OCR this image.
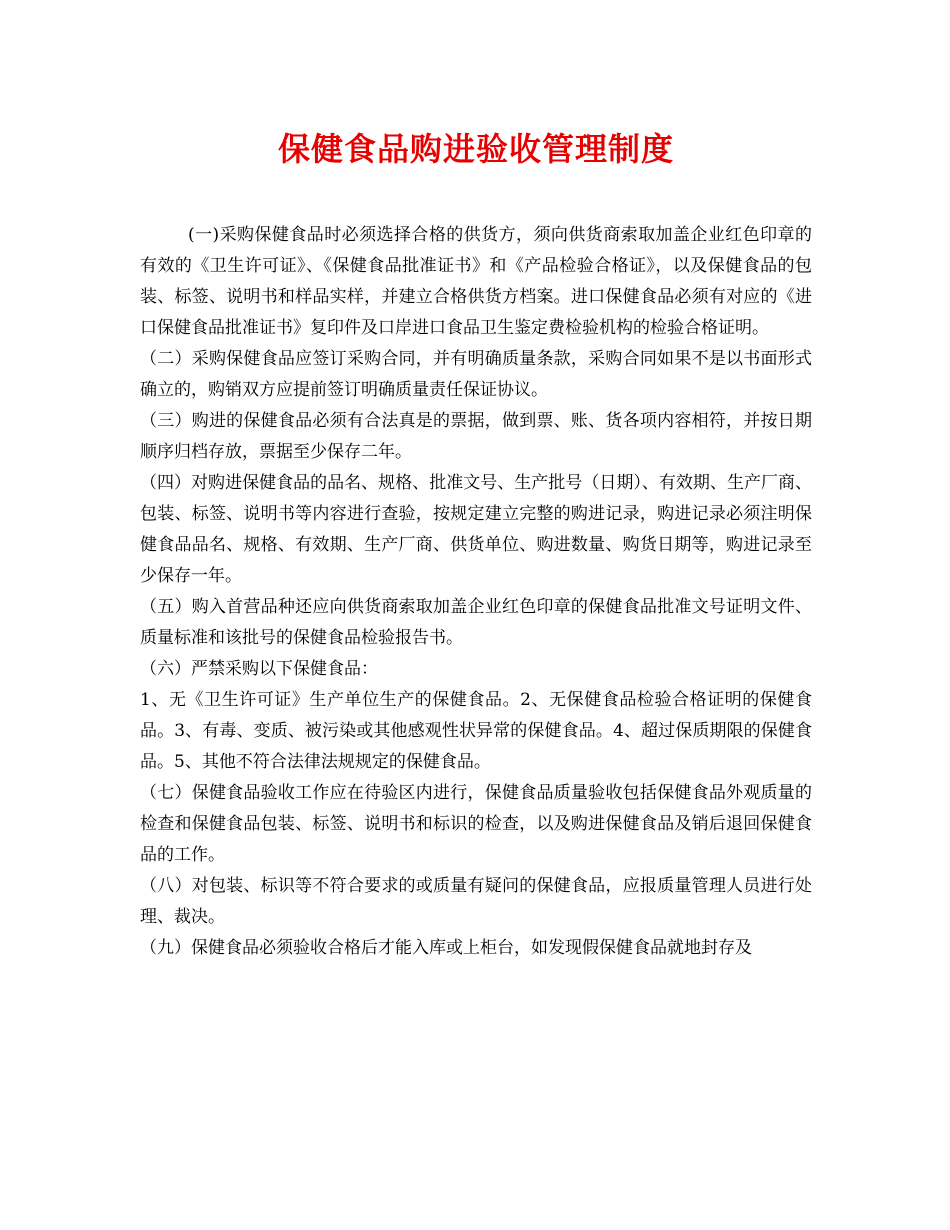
保健食品购进验收管理制度

(一)采购保健食品时必须选择合格的供货方，须向供货商索取加盖企业红色印章的有效的《卫生许可证》、《保健食品批准证书》和《产品检验合格证》，以及保健食品的包装、标签、说明书和样品实样，并建立合格供货方档案。进口保健食品必须有对应的《进口保健食品批准证书》复印件及口岸进口食品卫生鉴定费检验机构的检验合格证明。

（二）采购保健食品应签订采购合同，并有明确质量条款，采购合同如果不是以书面形式确立的，购销双方应提前签订明确质量责任保证协议。

（三）购进的保健食品必须有合法真是的票据，做到票、账、货各项内容相符，并按日期顺序归档存放，票据至少保存二年。

（四）对购进保健食品的品名、规格、批准文号、生产批号（日期）、有效期、生产厂商、包装、标签、说明书等内容进行查验，按规定建立完整的购进记录，购进记录必须注明保健食品品名、规格、有效期、生产厂商、供货单位、购进数量、购货日期等，购进记录至少保存一年。

（五）购入首营品种还应向供货商索取加盖企业红色印章的保健食品批准文号证明文件、质量标准和该批号的保健食品检验报告书。

（六）严禁采购以下保健食品：

1、无《卫生许可证》生产单位生产的保健食品。2、无保健食品检验合格证明的保健食品。3、有毒、变质、被污染或其他感观性状异常的保健食品。4、超过保质期限的保健食品。5、其他不符合法律法规规定的保健食品。

（七）保健食品验收工作应在待验区内进行，保健食品质量验收包括保健食品外观质量的检查和保健食品包装、标签、说明书和标识的检查，以及购进保健食品及销后退回保健食品的工作。

（八）对包装、标识等不符合要求的或质量有疑问的保健食品，应报质量管理人员进行处理、裁决。

（九）保健食品必须验收合格后才能入库或上柜台，如发现假保健食品就地封存及
